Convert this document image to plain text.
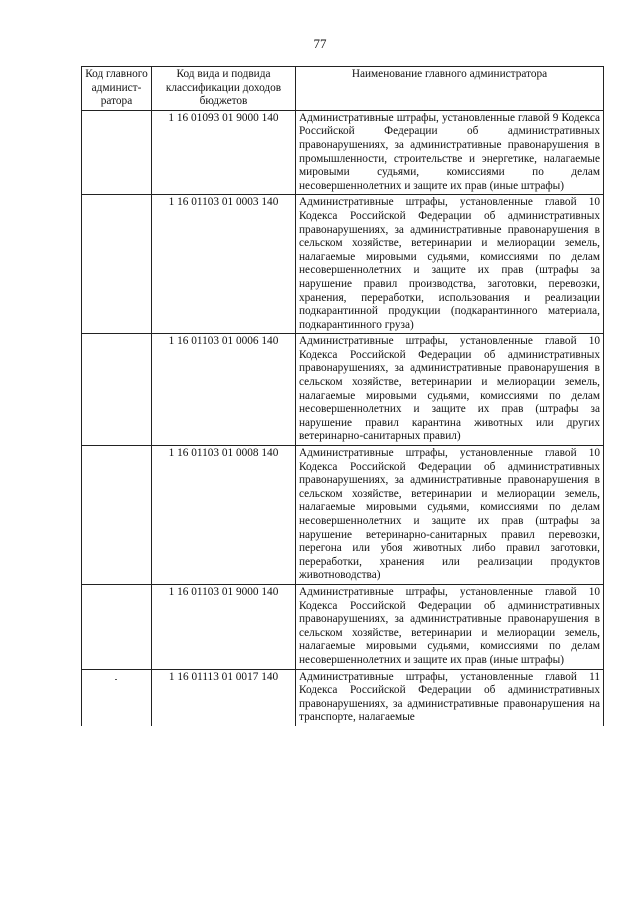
77
Код главного админист-ратора	Код вида и подвида классификации доходов бюджетов	Наименование главного администратора
	1 16 01093 01 9000 140	Административные штрафы, установленные главой 9 Кодекса Российской Федерации об административных правонарушениях, за административные правонарушения в промышленности, строительстве и энергетике, налагаемые мировыми судьями, комиссиями по делам несовершеннолетних и защите их прав (иные штрафы)
	1 16 01103 01 0003 140	Административные штрафы, установленные главой 10 Кодекса Российской Федерации об административных правонарушениях, за административные правонарушения в сельском хозяйстве, ветеринарии и мелиорации земель, налагаемые мировыми судьями, комиссиями по делам несовершеннолетних и защите их прав (штрафы за нарушение правил производства, заготовки, перевозки, хранения, переработки, использования и реализации подкарантинной продукции (подкарантинного материала, подкарантинного груза)
	1 16 01103 01 0006 140	Административные штрафы, установленные главой 10 Кодекса Российской Федерации об административных правонарушениях, за административные правонарушения в сельском хозяйстве, ветеринарии и мелиорации земель, налагаемые мировыми судьями, комиссиями по делам несовершеннолетних и защите их прав (штрафы за нарушение правил карантина животных или других ветеринарно-санитарных правил)
	1 16 01103 01 0008 140	Административные штрафы, установленные главой 10 Кодекса Российской Федерации об административных правонарушениях, за административные правонарушения в сельском хозяйстве, ветеринарии и мелиорации земель, налагаемые мировыми судьями, комиссиями по делам несовершеннолетних и защите их прав (штрафы за нарушение ветеринарно-санитарных правил перевозки, перегона или убоя животных либо правил заготовки, переработки, хранения или реализации продуктов животноводства)
	1 16 01103 01 9000 140	Административные штрафы, установленные главой 10 Кодекса Российской Федерации об административных правонарушениях, за административные правонарушения в сельском хозяйстве, ветеринарии и мелиорации земель, налагаемые мировыми судьями, комиссиями по делам несовершеннолетних и защите их прав (иные штрафы)
	1 16 01113 01 0017 140	Административные штрафы, установленные главой 11 Кодекса Российской Федерации об административных правонарушениях, за административные правонарушения на транспорте, налагаемые
